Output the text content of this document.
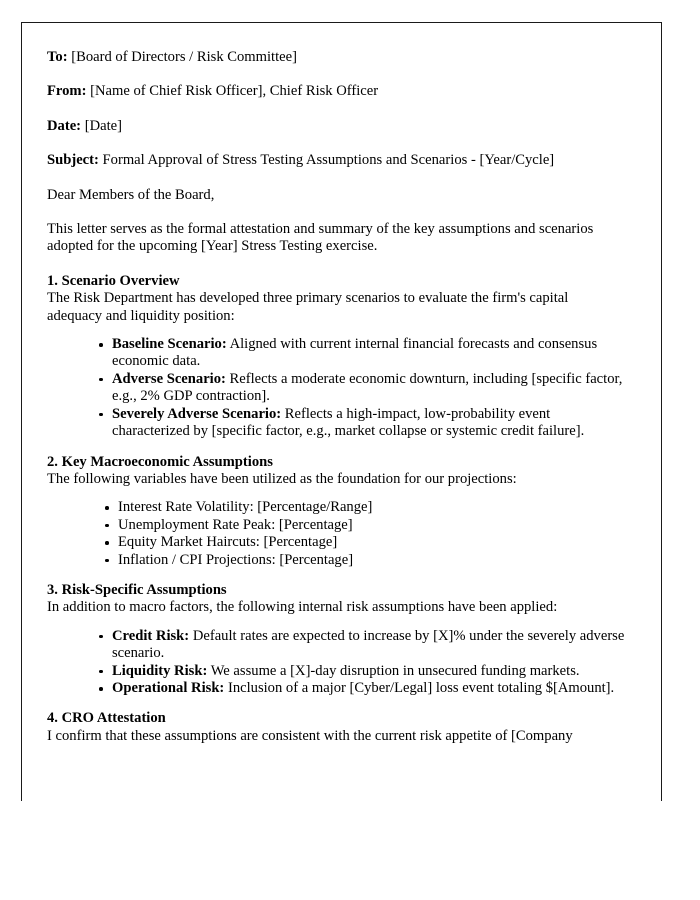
To: [Board of Directors / Risk Committee]

From: [Name of Chief Risk Officer], Chief Risk Officer

Date: [Date]

Subject: Formal Approval of Stress Testing Assumptions and Scenarios - [Year/Cycle]

Dear Members of the Board,

This letter serves as the formal attestation and summary of the key assumptions and scenarios adopted for the upcoming [Year] Stress Testing exercise.

1. Scenario Overview

The Risk Department has developed three primary scenarios to evaluate the firm's capital adequacy and liquidity position:

Baseline Scenario: Aligned with current internal financial forecasts and consensus economic data.
Adverse Scenario: Reflects a moderate economic downturn, including [specific factor, e.g., 2% GDP contraction].
Severely Adverse Scenario: Reflects a high-impact, low-probability event characterized by [specific factor, e.g., market collapse or systemic credit failure].

2. Key Macroeconomic Assumptions

The following variables have been utilized as the foundation for our projections:

Interest Rate Volatility: [Percentage/Range]
Unemployment Rate Peak: [Percentage]
Equity Market Haircuts: [Percentage]
Inflation / CPI Projections: [Percentage]

3. Risk-Specific Assumptions

In addition to macro factors, the following internal risk assumptions have been applied:

Credit Risk: Default rates are expected to increase by [X]% under the severely adverse scenario.
Liquidity Risk: We assume a [X]-day disruption in unsecured funding markets.
Operational Risk: Inclusion of a major [Cyber/Legal] loss event totaling $[Amount].

4. CRO Attestation

I confirm that these assumptions are consistent with the current risk appetite of [Company
